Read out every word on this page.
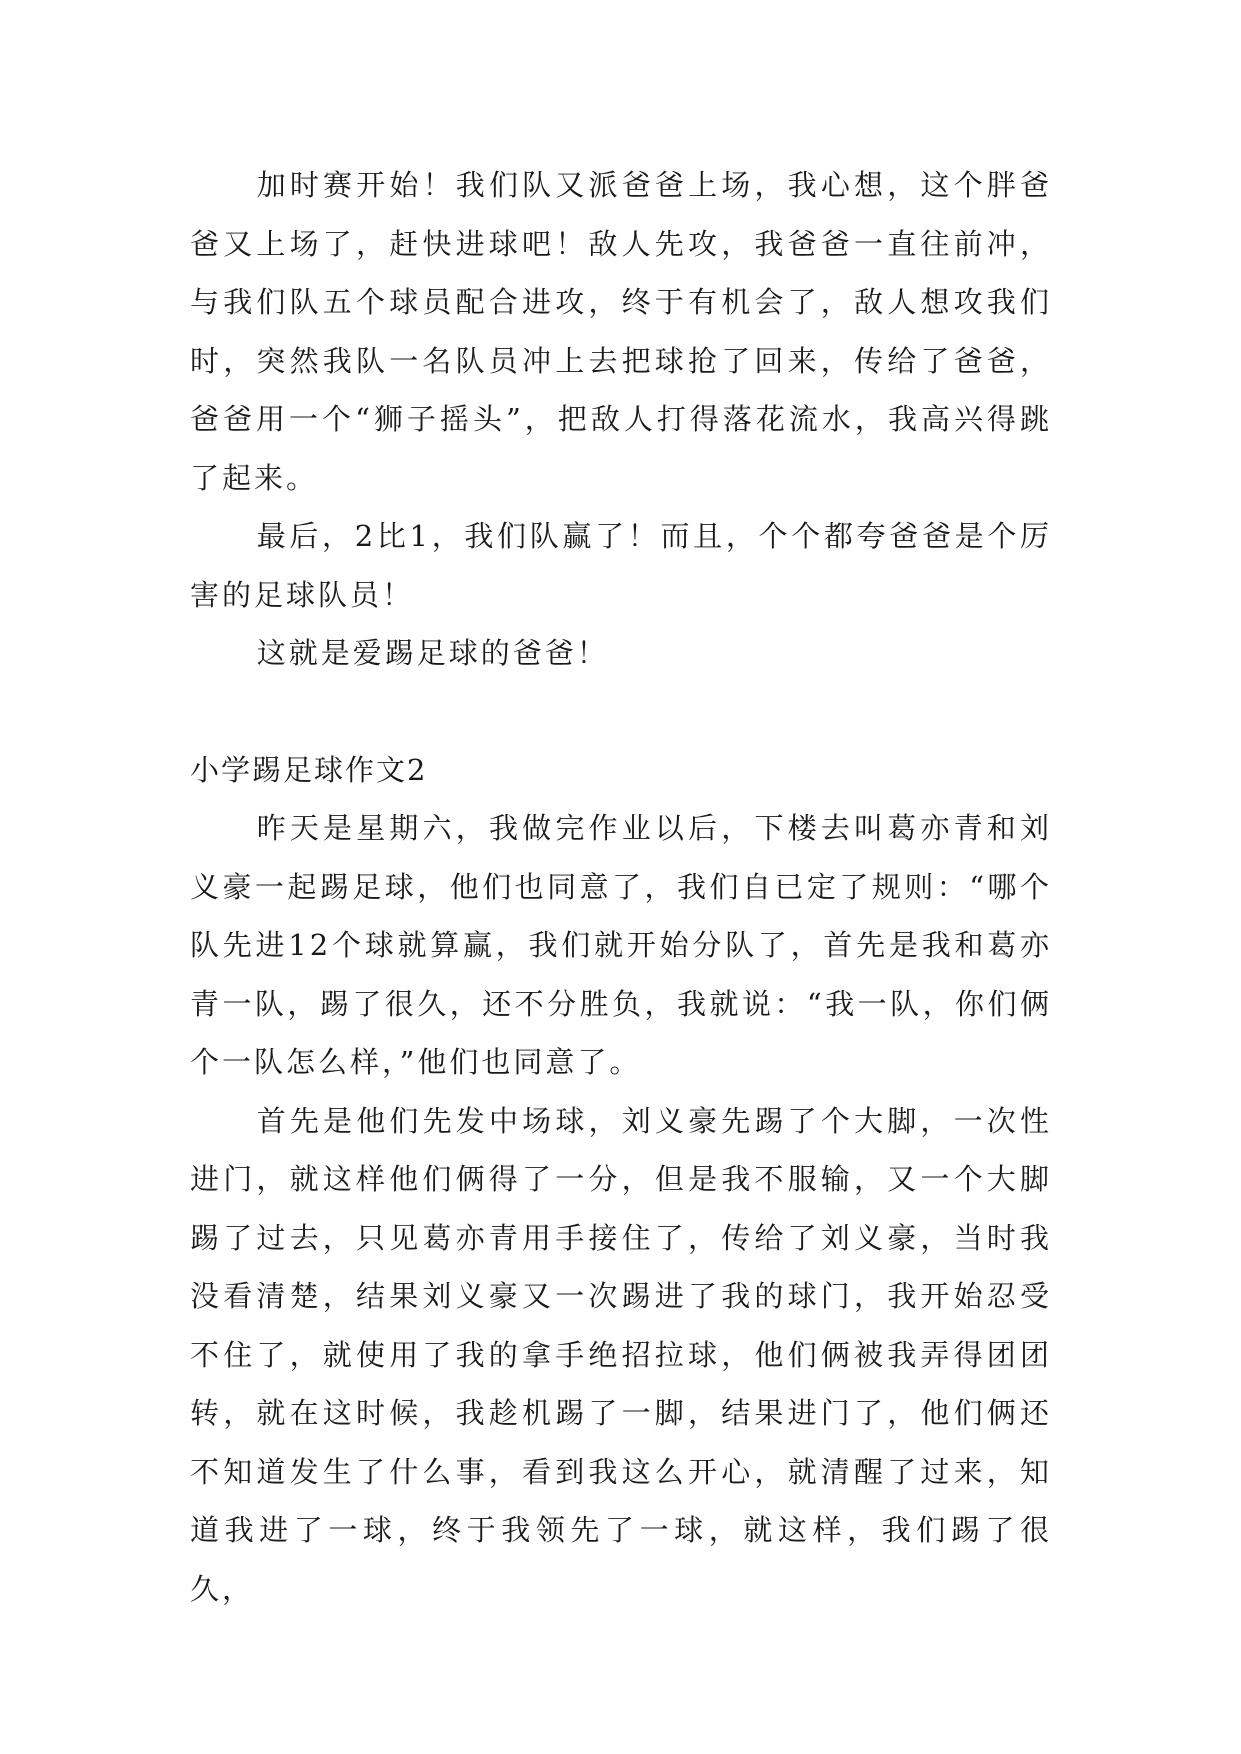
加时赛开始！我们队又派爸爸上场，我心想，这个胖爸爸又上场了，赶快进球吧！敌人先攻，我爸爸一直往前冲，与我们队五个球员配合进攻，终于有机会了，敌人想攻我们时，突然我队一名队员冲上去把球抢了回来，传给了爸爸，爸爸用一个“狮子摇头”，把敌人打得落花流水，我高兴得跳了起来。

最后，2比1，我们队赢了！而且，个个都夸爸爸是个厉害的足球队员！

这就是爱踢足球的爸爸！

小学踢足球作文2

昨天是星期六，我做完作业以后，下楼去叫葛亦青和刘义豪一起踢足球，他们也同意了，我们自已定了规则：“哪个队先进12个球就算赢，我们就开始分队了，首先是我和葛亦青一队，踢了很久，还不分胜负，我就说：“我一队，你们俩个一队怎么样，”他们也同意了。

首先是他们先发中场球，刘义豪先踢了个大脚，一次性进门，就这样他们俩得了一分，但是我不服输，又一个大脚踢了过去，只见葛亦青用手接住了，传给了刘义豪，当时我没看清楚，结果刘义豪又一次踢进了我的球门，我开始忍受不住了，就使用了我的拿手绝招拉球，他们俩被我弄得团团转，就在这时候，我趁机踢了一脚，结果进门了，他们俩还不知道发生了什么事，看到我这么开心，就清醒了过来，知道我进了一球，终于我领先了一球，就这样，我们踢了很久，
